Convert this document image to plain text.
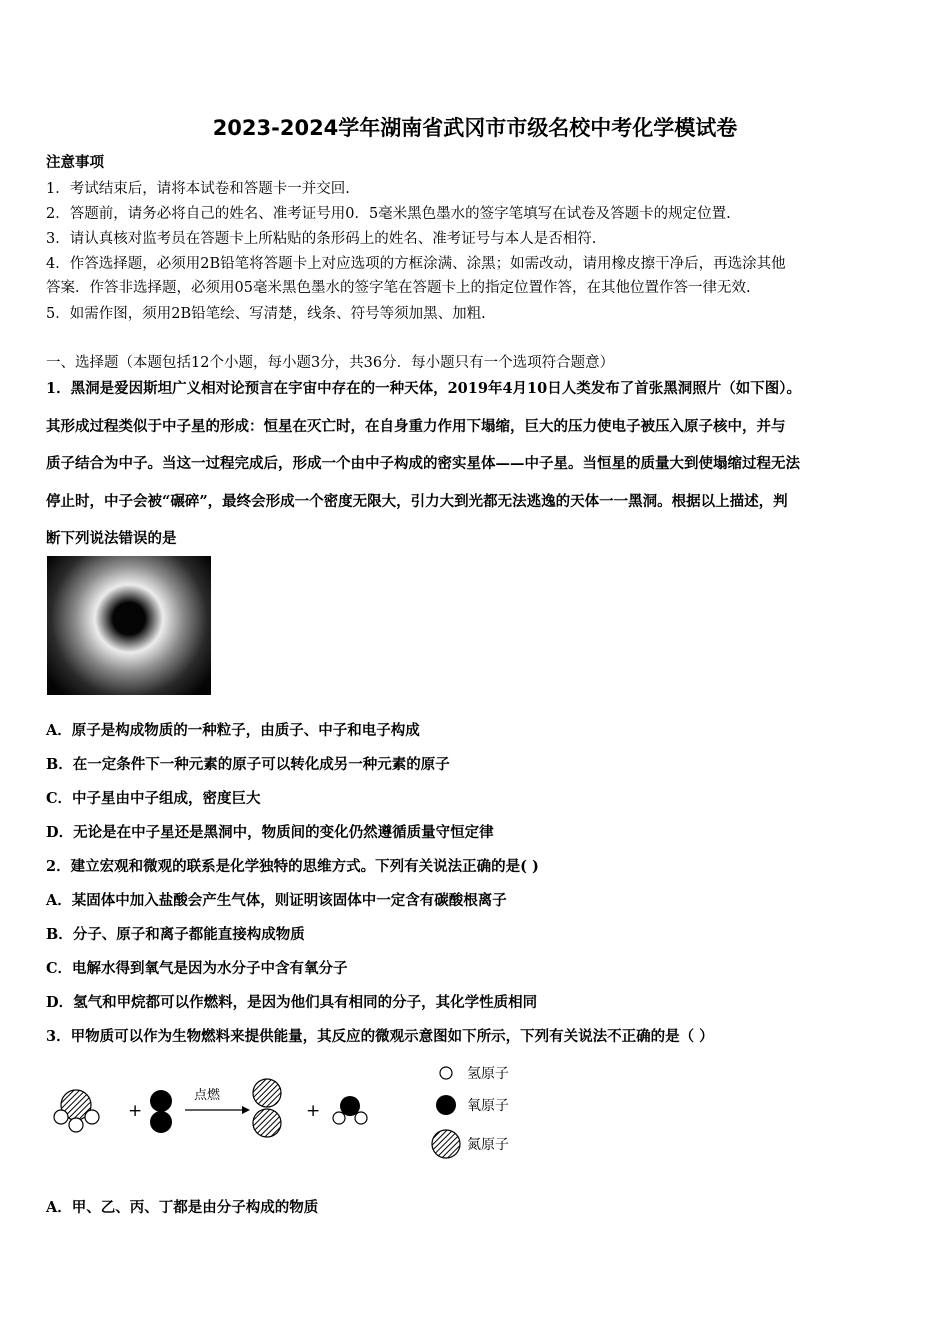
2023-2024学年湖南省武冈市市级名校中考化学模试卷
注意事项
1．考试结束后，请将本试卷和答题卡一并交回.
2．答题前，请务必将自己的姓名、准考证号用0．5毫米黑色墨水的签字笔填写在试卷及答题卡的规定位置.
3．请认真核对监考员在答题卡上所粘贴的条形码上的姓名、准考证号与本人是否相符.
4．作答选择题，必须用2B铅笔将答题卡上对应选项的方框涂满、涂黑；如需改动，请用橡皮擦干净后，再选涂其他
答案．作答非选择题，必须用05毫米黑色墨水的签字笔在答题卡上的指定位置作答，在其他位置作答一律无效.
5．如需作图，须用2B铅笔绘、写清楚，线条、符号等须加黑、加粗.
一、选择题（本题包括12个小题，每小题3分，共36分．每小题只有一个选项符合题意）
1．黑洞是爱因斯坦广义相对论预言在宇宙中存在的一种天体，2019年4月10日人类发布了首张黑洞照片（如下图）。
其形成过程类似于中子星的形成：恒星在灭亡时，在自身重力作用下塌缩，巨大的压力使电子被压入原子核中，并与
质子结合为中子。当这一过程完成后，形成一个由中子构成的密实星体——中子星。当恒星的质量大到使塌缩过程无法
停止时，中子会被“碾碎”，最终会形成一个密度无限大，引力大到光都无法逃逸的天体一一黑洞。根据以上描述，判
断下列说法错误的是
A．原子是构成物质的一种粒子，由质子、中子和电子构成
B．在一定条件下一种元素的原子可以转化成另一种元素的原子
C．中子星由中子组成，密度巨大
D．无论是在中子星还是黑洞中，物质间的变化仍然遵循质量守恒定律
2．建立宏观和微观的联系是化学独特的思维方式。下列有关说法正确的是( )
A．某固体中加入盐酸会产生气体，则证明该固体中一定含有碳酸根离子
B．分子、原子和离子都能直接构成物质
C．电解水得到氧气是因为水分子中含有氧分子
D．氢气和甲烷都可以作燃料，是因为他们具有相同的分子，其化学性质相同
3．甲物质可以作为生物燃料来提供能量，其反应的微观示意图如下所示，下列有关说法不正确的是（ ）
+
点燃
+
氢原子
氧原子
氮原子
A．甲、乙、丙、丁都是由分子构成的物质
